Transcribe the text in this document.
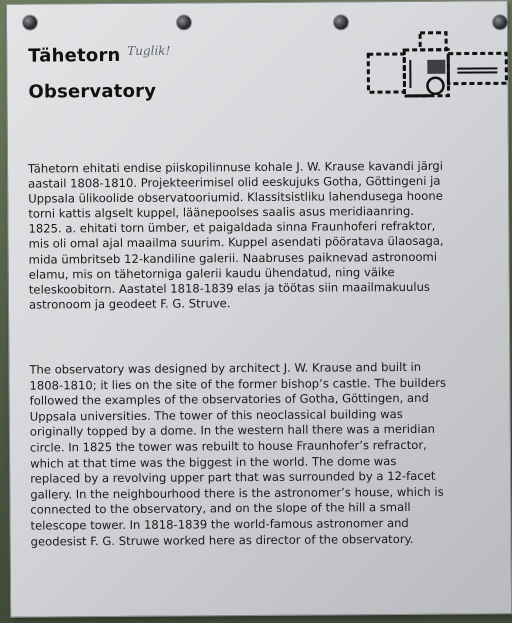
Tähetorn Tuglik!
Observatory
Tähetorn ehitati endise piiskopilinnuse kohale J. W. Krause kavandi järgi
aastail 1808-1810. Projekteerimisel olid eeskujuks Gotha, Göttingeni ja
Uppsala ülikoolide observatooriumid. Klassitsistliku lahendusega hoone
torni kattis algselt kuppel, läänepoolses saalis asus meridiaanring.
1825. a. ehitati torn ümber, et paigaldada sinna Fraunhoferi refraktor,
mis oli omal ajal maailma suurim. Kuppel asendati pööratava ülaosaga,
mida ümbritseb 12-kandiline galerii. Naabruses paiknevad astronoomi
elamu, mis on tähetorniga galerii kaudu ühendatud, ning väike
teleskoobitorn. Aastatel 1818-1839 elas ja töötas siin maailmakuulus
astronoom ja geodeet F. G. Struve.
The observatory was designed by architect J. W. Krause and built in
1808-1810; it lies on the site of the former bishop’s castle. The builders
followed the examples of the observatories of Gotha, Göttingen, and
Uppsala universities. The tower of this neoclassical building was
originally topped by a dome. In the western hall there was a meridian
circle. In 1825 the tower was rebuilt to house Fraunhofer’s refractor,
which at that time was the biggest in the world. The dome was
replaced by a revolving upper part that was surrounded by a 12-facet
gallery. In the neighbourhood there is the astronomer’s house, which is
connected to the observatory, and on the slope of the hill a small
telescope tower. In 1818-1839 the world-famous astronomer and
geodesist F. G. Struwe worked here as director of the observatory.
